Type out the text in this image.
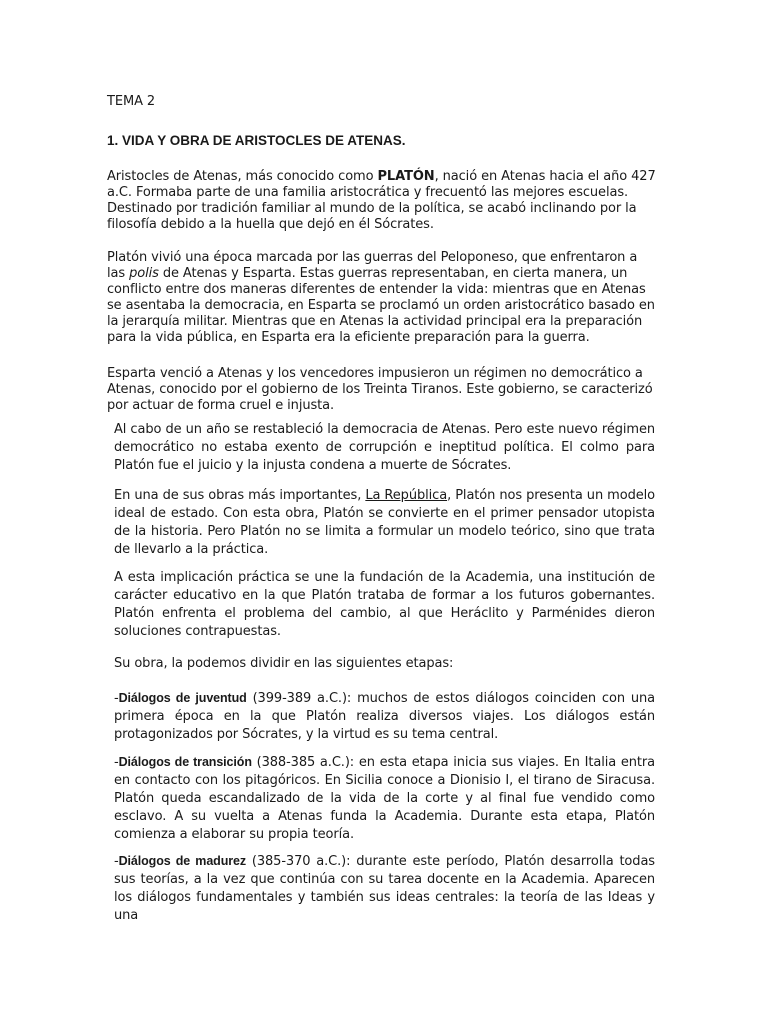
TEMA 2

1. VIDA Y OBRA DE ARISTOCLES DE ATENAS.

Aristocles de Atenas, más conocido como PLATÓN, nació en Atenas hacia el año 427 a.C. Formaba parte de una familia aristocrática y frecuentó las mejores escuelas. Destinado por tradición familiar al mundo de la política, se acabó inclinando por la filosofía debido a la huella que dejó en él Sócrates.

Platón vivió una época marcada por las guerras del Peloponeso, que enfrentaron a las polis de Atenas y Esparta. Estas guerras representaban, en cierta manera, un conflicto entre dos maneras diferentes de entender la vida: mientras que en Atenas se asentaba la democracia, en Esparta se proclamó un orden aristocrático basado en la jerarquía militar. Mientras que en Atenas la actividad principal era la preparación para la vida pública, en Esparta era la eficiente preparación para la guerra.

Esparta venció a Atenas y los vencedores impusieron un régimen no democrático a Atenas, conocido por el gobierno de los Treinta Tiranos. Este gobierno, se caracterizó por actuar de forma cruel e injusta.

Al cabo de un año se restableció la democracia de Atenas. Pero este nuevo régimen democrático no estaba exento de corrupción e ineptitud política. El colmo para Platón fue el juicio y la injusta condena a muerte de Sócrates.

En una de sus obras más importantes, La República, Platón nos presenta un modelo ideal de estado. Con esta obra, Platón se convierte en el primer pensador utopista de la historia. Pero Platón no se limita a formular un modelo teórico, sino que trata de llevarlo a la práctica.

A esta implicación práctica se une la fundación de la Academia, una institución de carácter educativo en la que Platón trataba de formar a los futuros gobernantes. Platón enfrenta el problema del cambio, al que Heráclito y Parménides dieron soluciones contrapuestas.

Su obra, la podemos dividir en las siguientes etapas:

-Diálogos de juventud (399-389 a.C.): muchos de estos diálogos coinciden con una primera época en la que Platón realiza diversos viajes. Los diálogos están protagonizados por Sócrates, y la virtud es su tema central.

-Diálogos de transición (388-385 a.C.): en esta etapa inicia sus viajes. En Italia entra en contacto con los pitagóricos. En Sicilia conoce a Dionisio I, el tirano de Siracusa. Platón queda escandalizado de la vida de la corte y al final fue vendido como esclavo. A su vuelta a Atenas funda la Academia. Durante esta etapa, Platón comienza a elaborar su propia teoría.

-Diálogos de madurez (385-370 a.C.): durante este período, Platón desarrolla todas sus teorías, a la vez que continúa con su tarea docente en la Academia. Aparecen los diálogos fundamentales y también sus ideas centrales: la teoría de las Ideas y una
